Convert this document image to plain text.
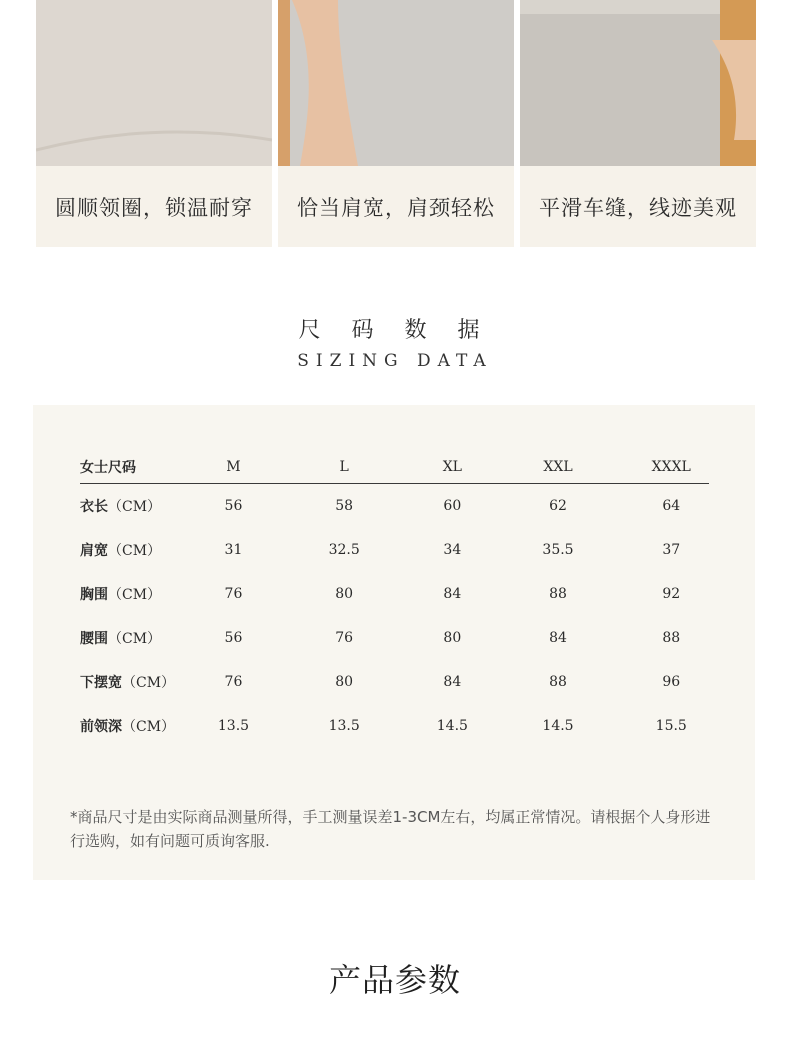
圆顺领圈，锁温耐穿 恰当肩宽，肩颈轻松 平滑车缝，线迹美观
尺 码 数 据
SIZING DATA
女士尺码	M	L	XL	XXL	XXXL
衣长（CM）	56	58	60	62	64
肩宽（CM）	31	32.5	34	35.5	37
胸围（CM）	76	80	84	88	92
腰围（CM）	56	76	80	84	88
下摆宽（CM）	76	80	84	88	96
前领深（CM）	13.5	13.5	14.5	14.5	15.5
*商品尺寸是由实际商品测量所得，手工测量误差1-3CM左右，均属正常情况。请根据个人身形进行选购，如有问题可质询客服.
产品参数
